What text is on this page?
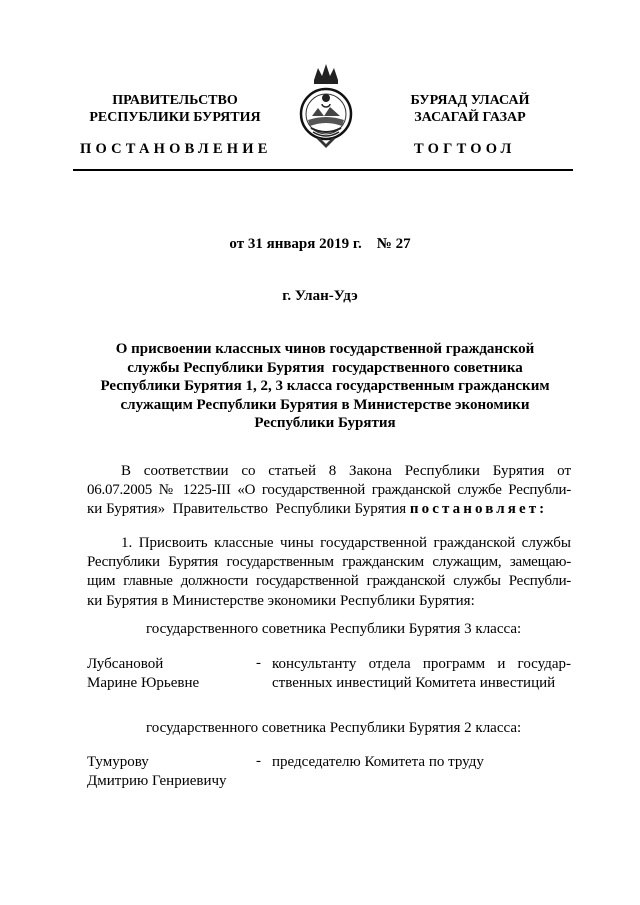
ПРАВИТЕЛЬСТВО
РЕСПУБЛИКИ БУРЯТИЯ
БУРЯАД УЛАСАЙ
ЗАСАГАЙ ГАЗАР
ПОСТАНОВЛЕНИЕ	ТОГТООЛ
от 31 января 2019 г.    № 27
г. Улан-Удэ
О присвоении классных чинов государственной гражданской
службы Республики Бурятия  государственного советника
Республики Бурятия 1, 2, 3 класса государственным гражданским
служащим Республики Бурятия в Министерстве экономики
Республики Бурятия
В соответствии со статьей 8 Закона Республики Бурятия от
06.07.2005 № 1225-III «О государственной гражданской службе Республи-
ки Бурятия»  Правительство  Республики Бурятия постановляет:
1. Присвоить классные чины государственной гражданской службы
Республики Бурятия государственным гражданским служащим, замещаю-
щим главные должности государственной гражданской службы Республи-
ки Бурятия в Министерстве экономики Республики Бурятия:
государственного советника Республики Бурятия 3 класса:
Лубсановой
Марине Юрьевне
- консультанту отдела программ и государ-
ственных инвестиций Комитета инвестиций
государственного советника Республики Бурятия 2 класса:
Тумурову
Дмитрию Генриевичу
- председателю Комитета по труду
